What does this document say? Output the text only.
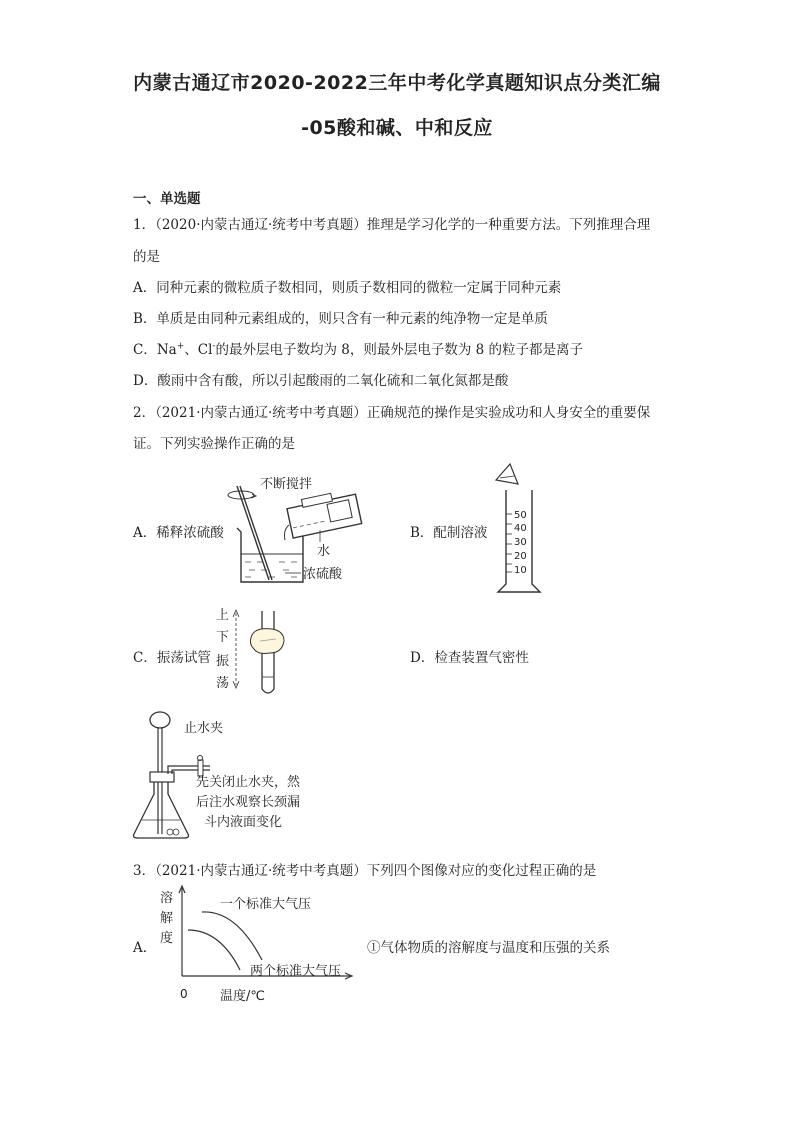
内蒙古通辽市2020-2022三年中考化学真题知识点分类汇编
-05酸和碱、中和反应
一、单选题
1．（2020·内蒙古通辽·统考中考真题）推理是学习化学的一种重要方法。下列推理合理
的是
A．同种元素的微粒质子数相同，则质子数相同的微粒一定属于同种元素
B．单质是由同种元素组成的，则只含有一种元素的纯净物一定是单质
C．Na+、Cl-的最外层电子数均为 8，则最外层电子数为 8 的粒子都是离子
D．酸雨中含有酸，所以引起酸雨的二氧化硫和二氧化氮都是酸
2．（2021·内蒙古通辽·统考中考真题）正确规范的操作是实验成功和人身安全的重要保
证。下列实验操作正确的是
A．稀释浓硫酸	B．配制溶液
C．振荡试管	D．检查装置气密性
不断搅拌
水
浓硫酸
50
40
30
20
10
上
下
振
荡
止水夹
先关闭止水夹，然
后注水观察长颈漏
斗内液面变化
3．（2021·内蒙古通辽·统考中考真题）下列四个图像对应的变化过程正确的是
A．	①气体物质的溶解度与温度和压强的关系
溶
解
度
一个标准大气压
两个标准大气压
0 温度/℃
